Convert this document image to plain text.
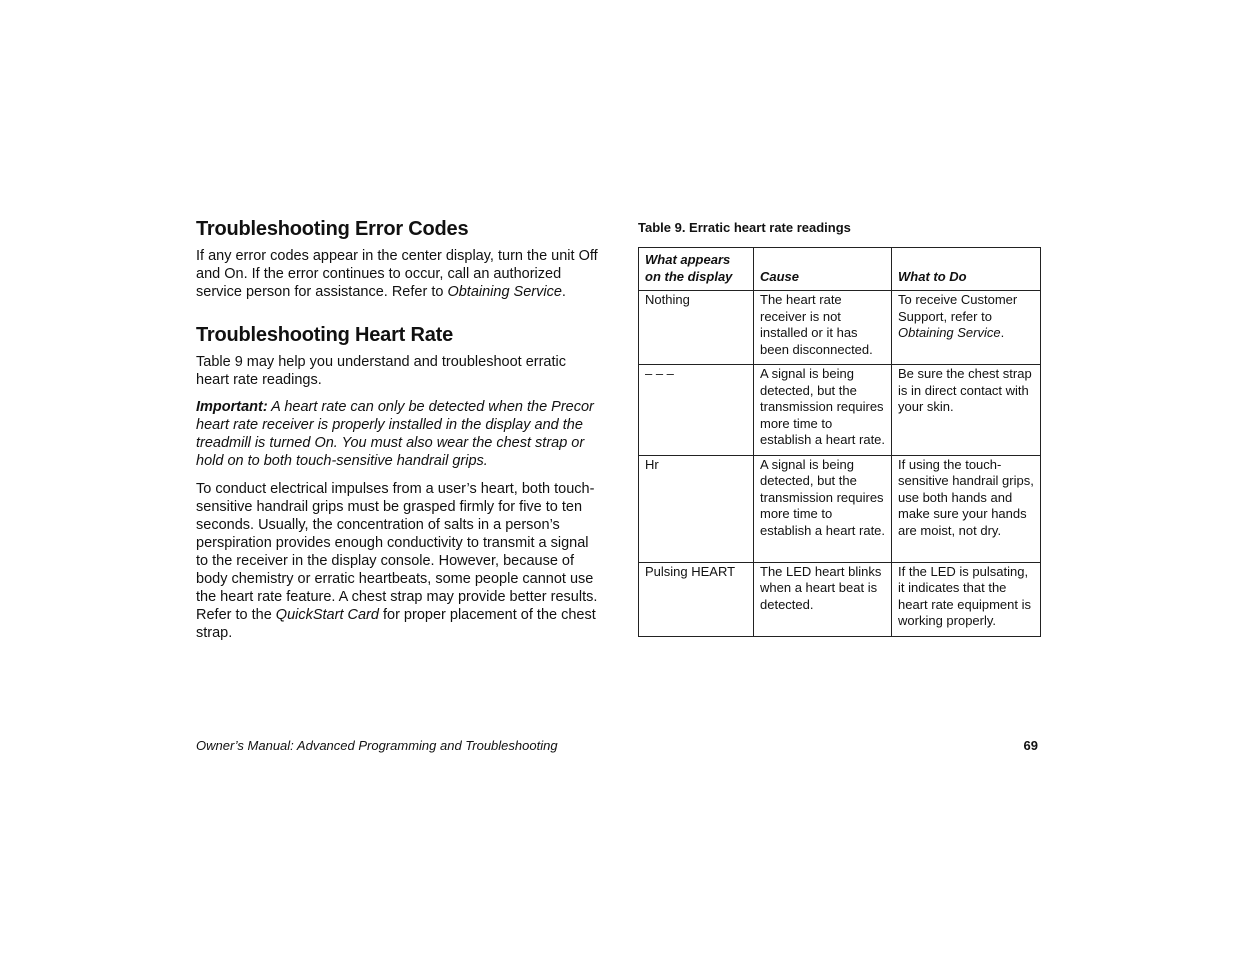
Troubleshooting Error Codes

If any error codes appear in the center display, turn the unit Off and On. If the error continues to occur, call an authorized service person for assistance. Refer to Obtaining Service.

Troubleshooting Heart Rate

Table 9 may help you understand and troubleshoot erratic heart rate readings.

Important: A heart rate can only be detected when the Precor heart rate receiver is properly installed in the display and the treadmill is turned On. You must also wear the chest strap or hold on to both touch-sensitive handrail grips.

To conduct electrical impulses from a user’s heart, both touch-sensitive handrail grips must be grasped firmly for five to ten seconds. Usually, the concentration of salts in a person’s perspiration provides enough conductivity to transmit a signal to the receiver in the display console. However, because of body chemistry or erratic heartbeats, some people cannot use the heart rate feature. A chest strap may provide better results. Refer to the QuickStart Card for proper placement of the chest strap.

Table 9. Erratic heart rate readings

What appears on the display	Cause	What to Do
Nothing	The heart rate receiver is not installed or it has been disconnected.	To receive Customer Support, refer to Obtaining Service.
– – –	A signal is being detected, but the transmission requires more time to establish a heart rate.	Be sure the chest strap is in direct contact with your skin.
Hr	A signal is being detected, but the transmission requires more time to establish a heart rate.	If using the touch-sensitive handrail grips, use both hands and make sure your hands are moist, not dry.
Pulsing HEART	The LED heart blinks when a heart beat is detected.	If the LED is pulsating, it indicates that the heart rate equipment is working properly.
Owner’s Manual: Advanced Programming and Troubleshooting	69
